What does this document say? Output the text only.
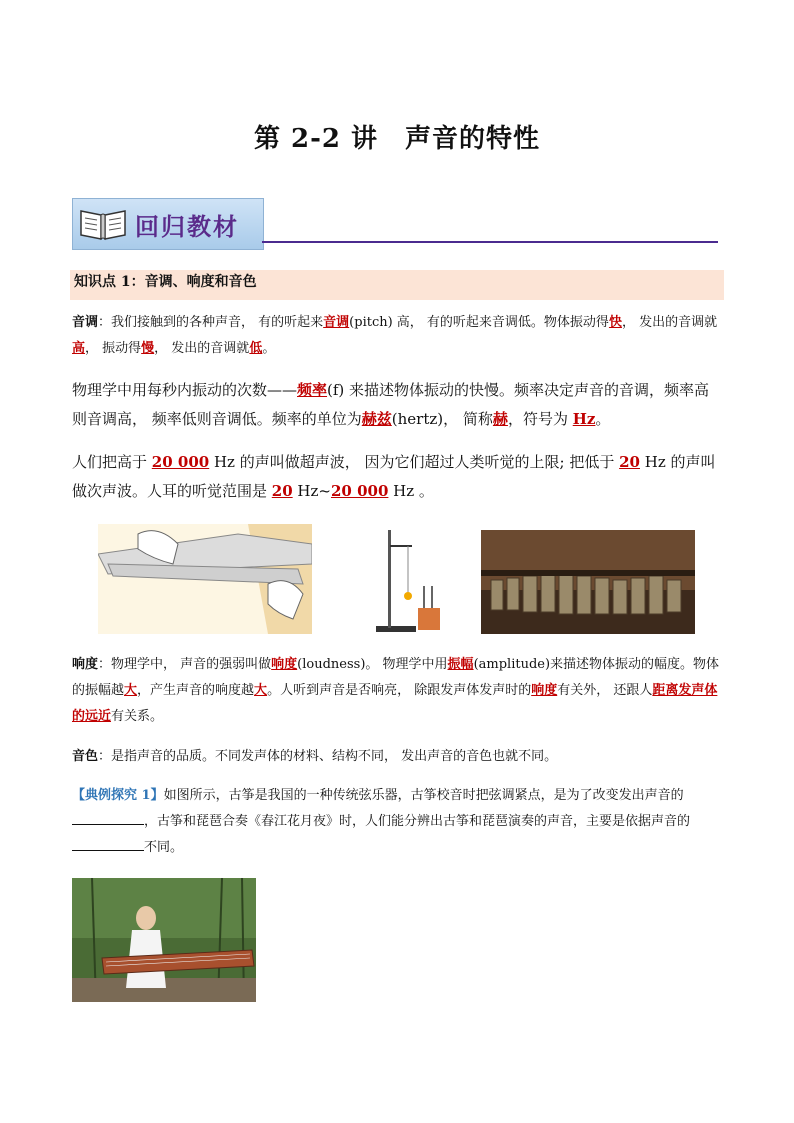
第 2-2 讲　声音的特性
回归教材
知识点 1：音调、响度和音色
音调：我们接触到的各种声音， 有的听起来音调(pitch) 高， 有的听起来音调低。物体振动得快， 发出的音调就高， 振动得慢， 发出的音调就低。
物理学中用每秒内振动的次数——频率(f) 来描述物体振动的快慢。频率决定声音的音调，频率高则音调高， 频率低则音调低。频率的单位为赫兹(hertz)， 简称赫，符号为 Hz。
人们把高于 20 000 Hz 的声叫做超声波， 因为它们超过人类听觉的上限; 把低于 20 Hz 的声叫做次声波。人耳的听觉范围是 20 Hz~20 000 Hz 。
响度：物理学中， 声音的强弱叫做响度(loudness)。 物理学中用振幅(amplitude)来描述物体振动的幅度。物体的振幅越大，产生声音的响度越大。人听到声音是否响亮， 除跟发声体发声时的响度有关外， 还跟人距离发声体的远近有关系。
音色：是指声音的品质。不同发声体的材料、结构不同， 发出声音的音色也就不同。
【典例探究 1】如图所示，古筝是我国的一种传统弦乐器，古筝校音时把弦调紧点，是为了改变发出声音的
，古筝和琵琶合奏《春江花月夜》时，人们能分辨出古筝和琵琶演奏的声音，主要是依据声音的 不同。
